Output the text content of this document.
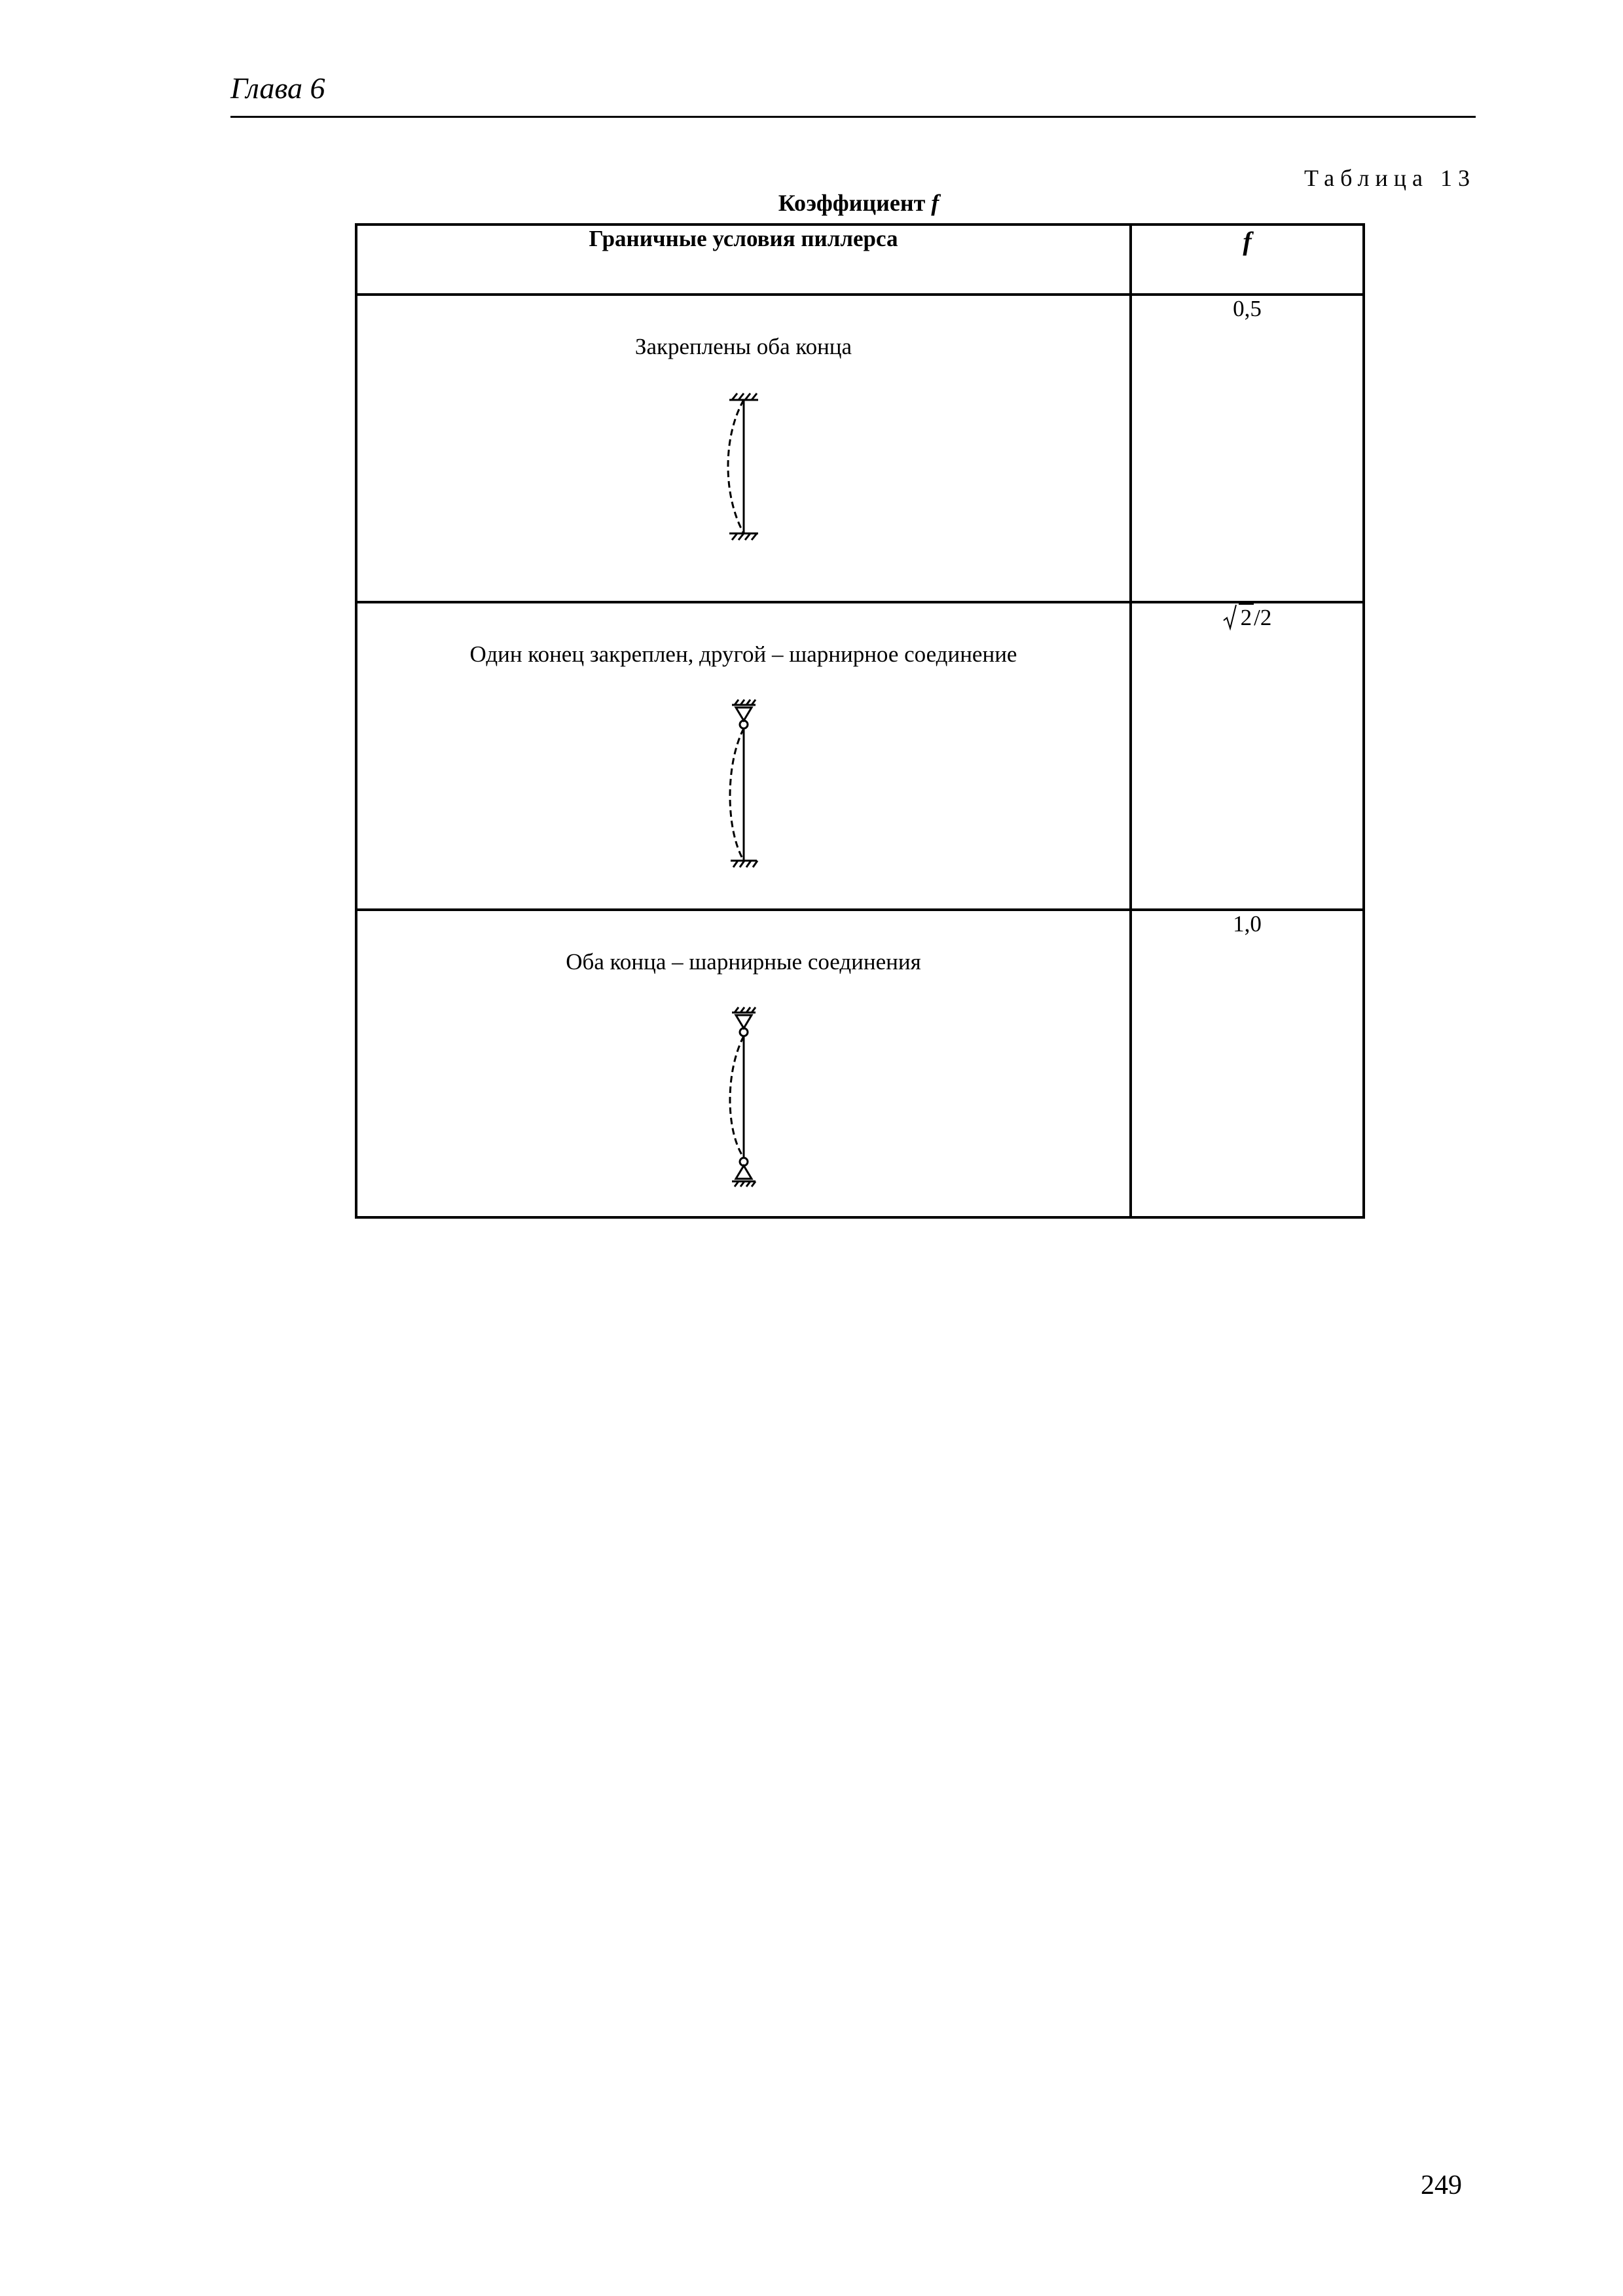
Глава 6
Таблица 13
Коэффициент f
Граничные условия пиллерса	f

Закреплены оба конца	0,5

Один конец закреплен, другой – шарнирное соединение	2 /2

Оба конца – шарнирные соединения	1,0
249
